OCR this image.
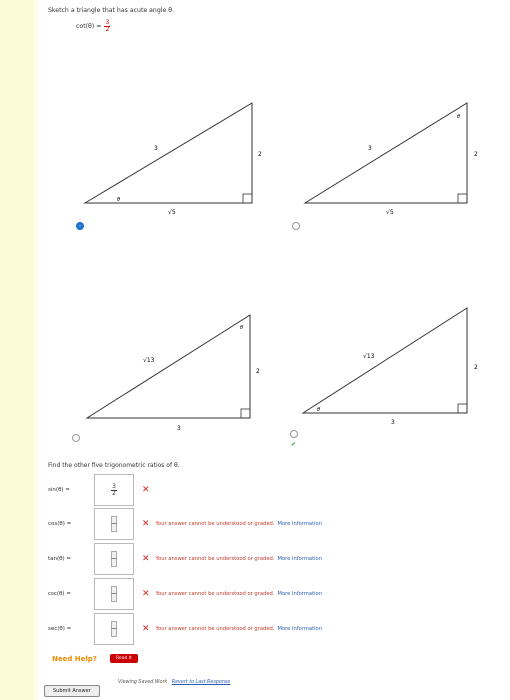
Sketch a triangle that has acute angle θ.
$\cot(\theta) = \frac{3}{2}$
3
2
√5
θ
3
2
√5
θ
√13
2
3
θ
√13
2
3
θ
✔
Find the other five trigonometric ratios of θ.
sin(θ) =	$\frac{3}{2}$	✕
cos(θ) =	✕ Your answer cannot be understood or graded. More Information
tan(θ) =	✕ Your answer cannot be understood or graded. More Information
csc(θ) =	✕ Your answer cannot be understood or graded. More Information
sec(θ) =	✕ Your answer cannot be understood or graded. More Information
Need Help?	Read It
Submit Answer
Viewing Saved Work Revert to Last Response
